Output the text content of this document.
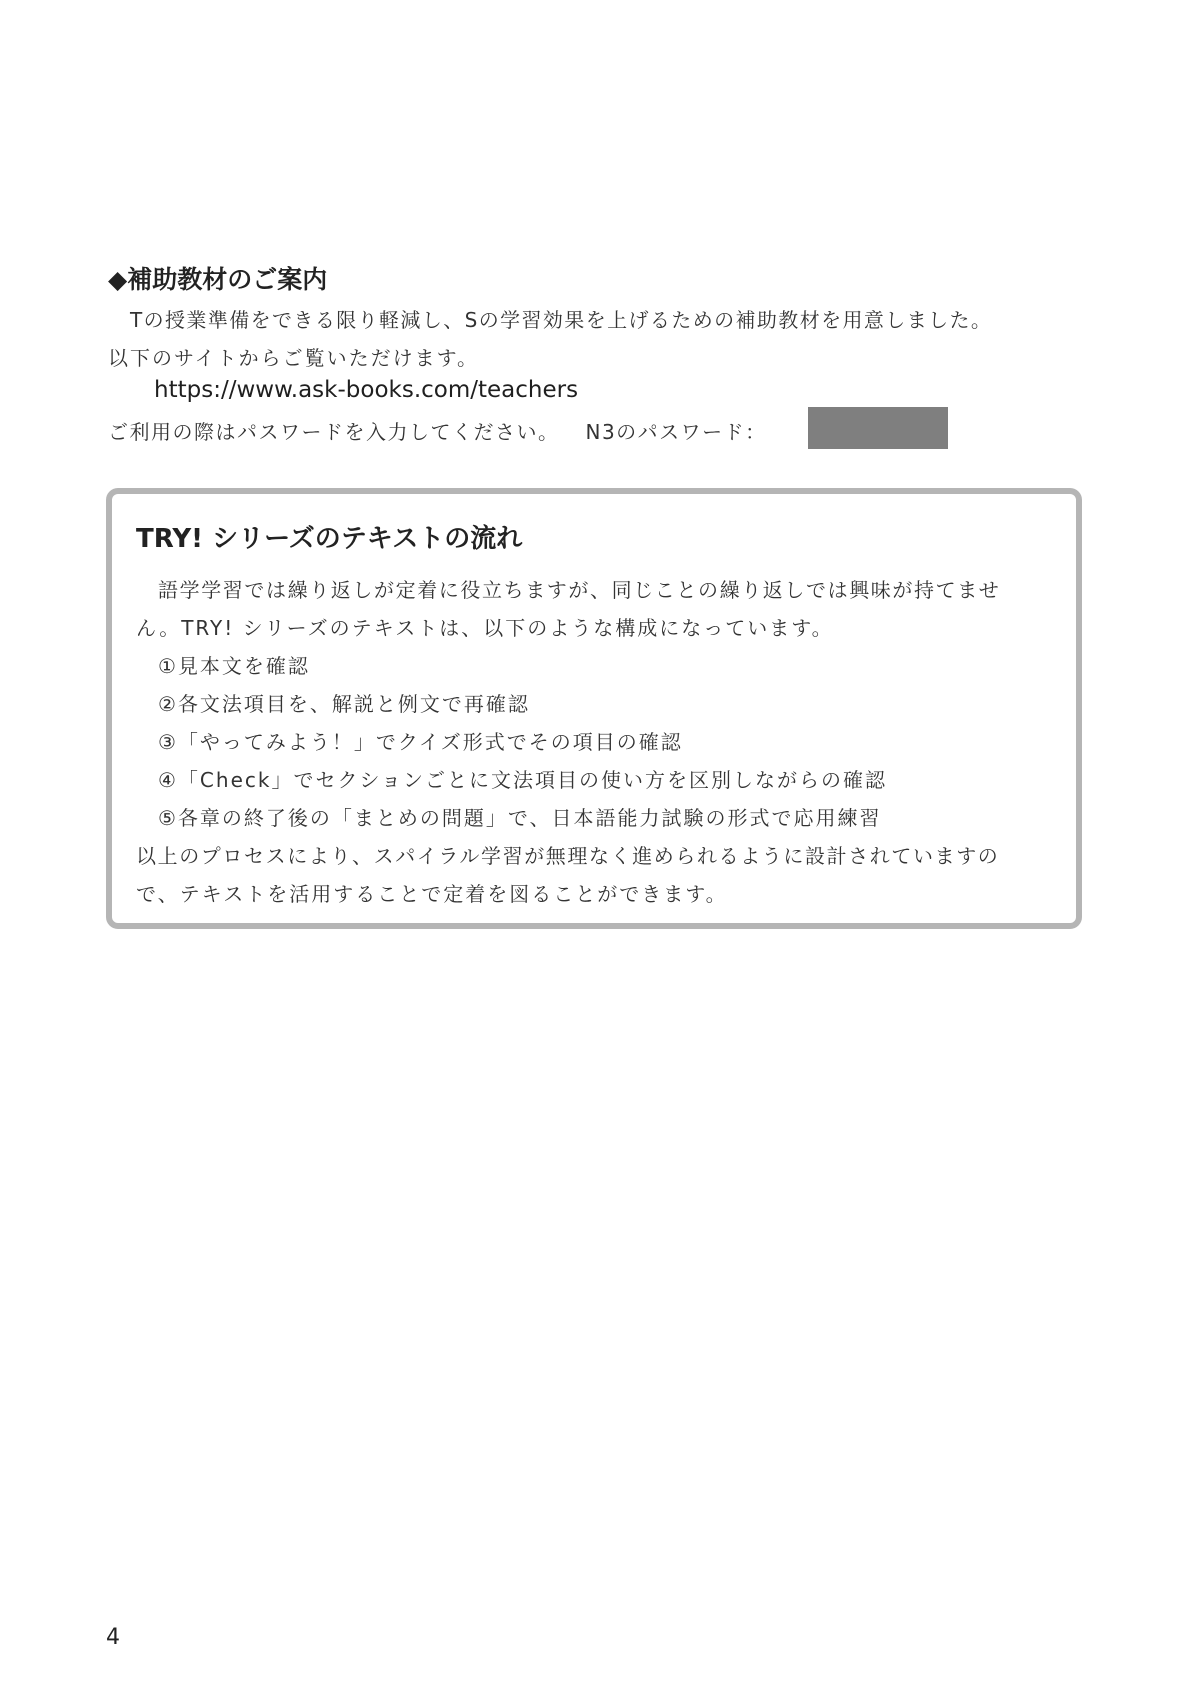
◆補助教材のご案内

Tの授業準備をできる限り軽減し、Sの学習効果を上げるための補助教材を用意しました。

以下のサイトからご覧いただけます。

https://www.ask-books.com/teachers

ご利用の際はパスワードを入力してください。 N3のパスワード：
TRY! シリーズのテキストの流れ

語学学習では繰り返しが定着に役立ちますが、同じことの繰り返しでは興味が持てませ

ん。TRY! シリーズのテキストは、以下のような構成になっています。

①見本文を確認

②各文法項目を、解説と例文で再確認

③「やってみよう！」でクイズ形式でその項目の確認

④「Check」でセクションごとに文法項目の使い方を区別しながらの確認

⑤各章の終了後の「まとめの問題」で、日本語能力試験の形式で応用練習

以上のプロセスにより、スパイラル学習が無理なく進められるように設計されていますの

で、テキストを活用することで定着を図ることができます。

4
